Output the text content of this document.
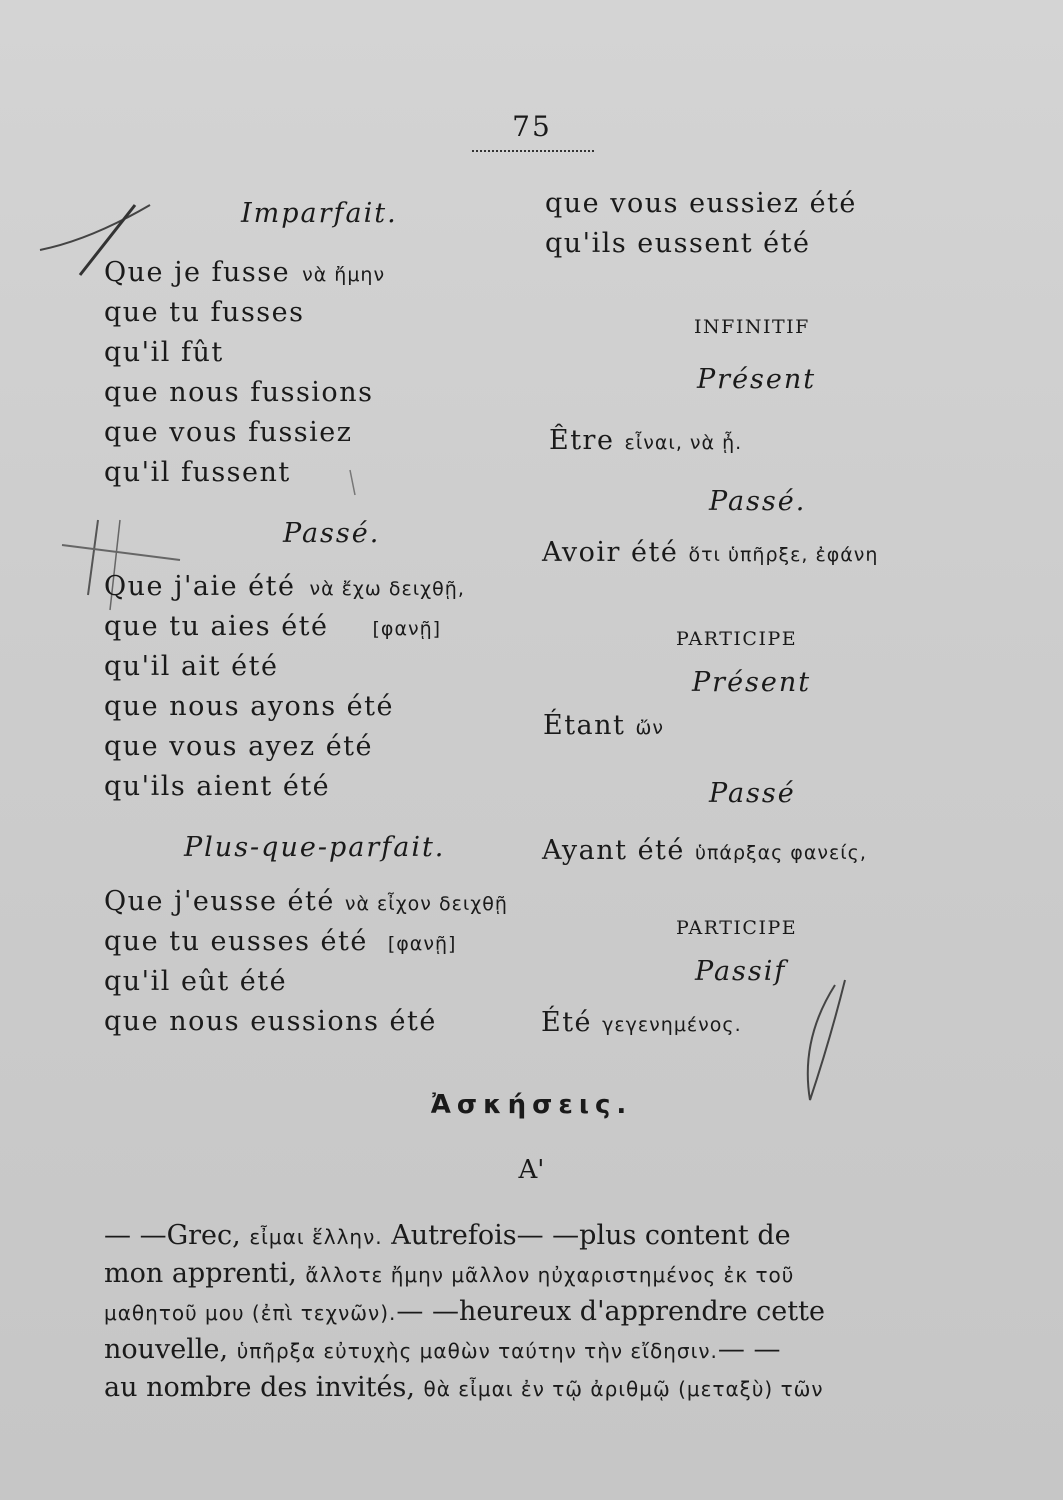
75
Imparfait.
Que je fusse νὰ ἤμην
que tu fusses
qu'il fût
que nous fussions
que vous fussiez
qu'il fussent
Passé.
Que j'aie été νὰ ἔχω δειχθῇ,
que tu aies été [φανῇ]
qu'il ait été
que nous ayons été
que vous ayez été
qu'ils aient été
Plus-que-parfait.
Que j'eusse été νὰ εἶχον δειχθῇ
que tu eusses été [φανῇ]
qu'il eût été
que nous eussions été
que vous eussiez été
qu'ils eussent été
INFINITIF
Présent
Être εἶναι, νὰ ᾖ.
Passé.
Avoir été ὅτι ὑπῆρξε, ἐφάνη
PARTICIPE
Présent
Étant ὤν
Passé
Ayant été ὑπάρξας φανείς,
PARTICIPE
Passif
Été γεγενημένος.
Ἀσκήσεις.
A'
— —Grec, εἶμαι ἕλλην. Autrefois— —plus content de
mon apprenti, ἄλλοτε ἤμην μᾶλλον ηὐχαριστημένος ἐκ τοῦ
μαθητοῦ μου (ἐπὶ τεχνῶν).— —heureux d'apprendre cette
nouvelle, ὑπῆρξα εὐτυχὴς μαθὼν ταύτην τὴν εἴδησιν.— —
au nombre des invités, θὰ εἶμαι ἐν τῷ ἀριθμῷ (μεταξὺ) τῶν
